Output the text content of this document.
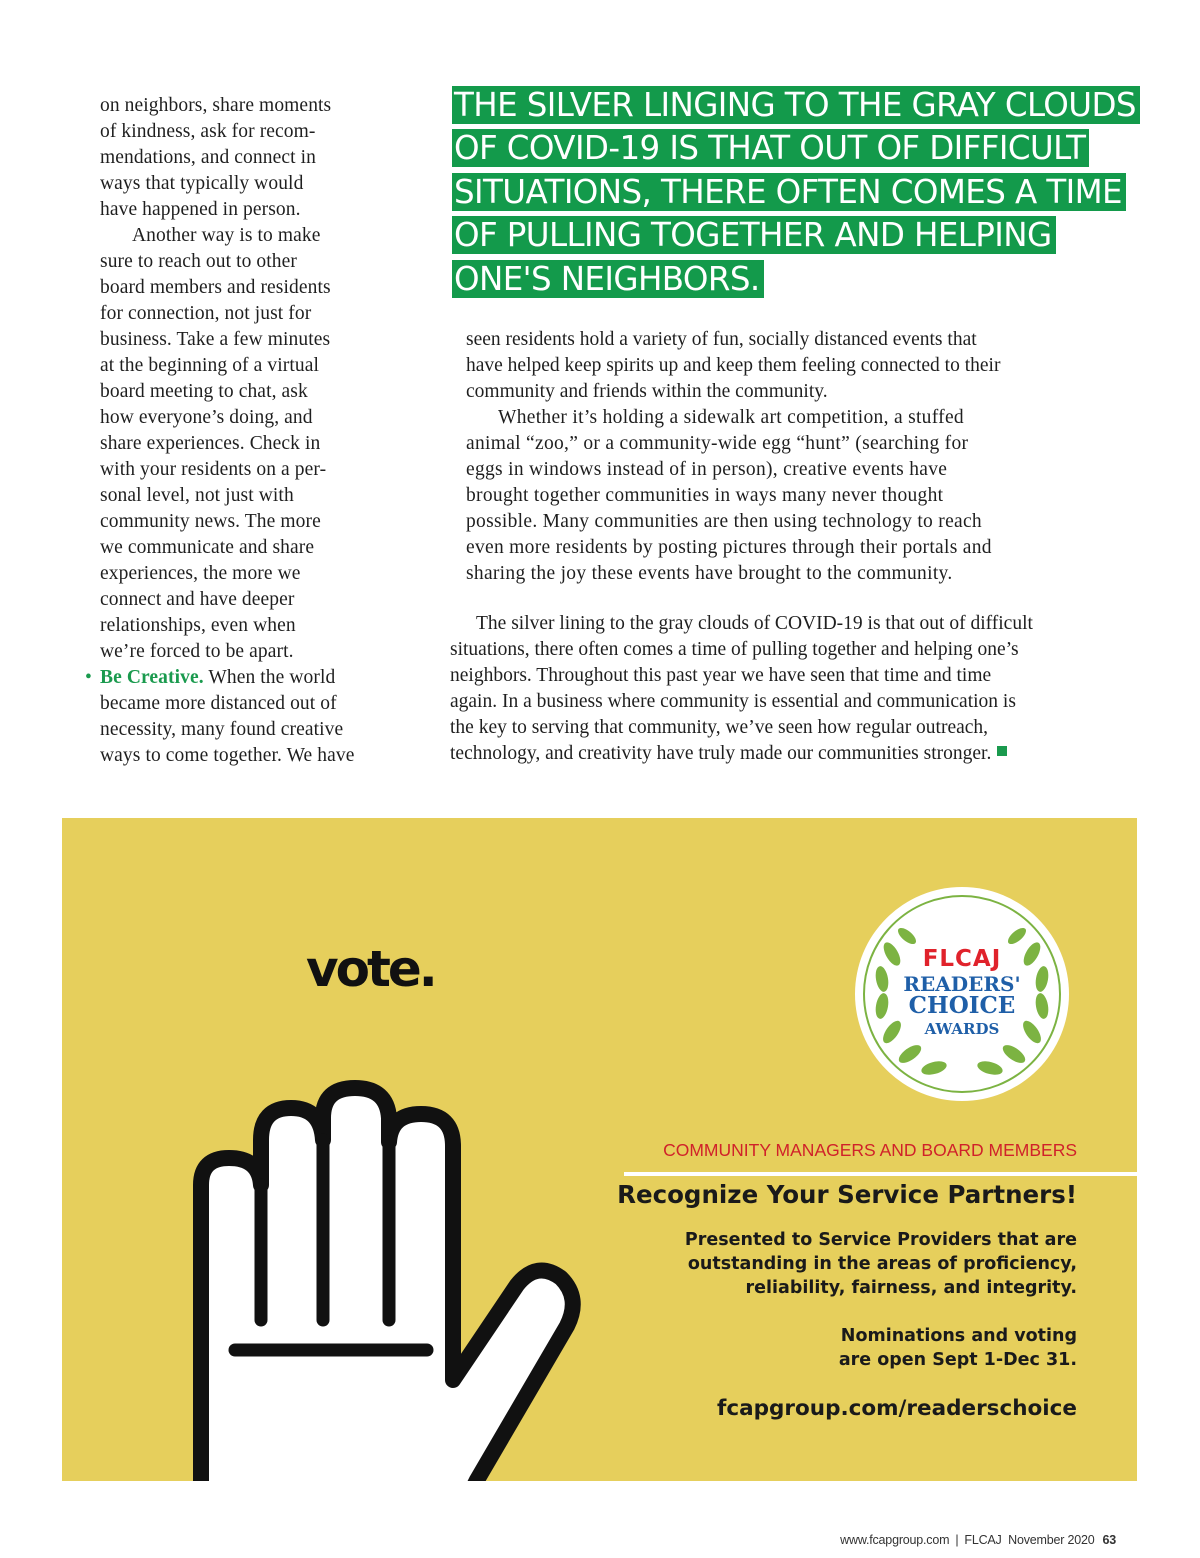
on neighbors, share moments
of kindness, ask for recom-
mendations, and connect in
ways that typically would
have happened in person.

Another way is to make
sure to reach out to other
board members and residents
for connection, not just for
business. Take a few minutes
at the beginning of a virtual
board meeting to chat, ask
how everyone’s doing, and
share experiences. Check in
with your residents on a per-
sonal level, not just with
community news. The more
we communicate and share
experiences, the more we
connect and have deeper
relationships, even when
we’re forced to be apart.

• Be Creative. When the world
became more distanced out of
necessity, many found creative
ways to come together. We have

THE SILVER LINGING TO THE GRAY CLOUDS
OF COVID-19 IS THAT OUT OF DIFFICULT
SITUATIONS, THERE OFTEN COMES A TIME
OF PULLING TOGETHER AND HELPING
ONE'S NEIGHBORS.

seen residents hold a variety of fun, socially distanced events that
have helped keep spirits up and keep them feeling connected to their
community and friends within the community.

Whether it’s holding a sidewalk art competition, a stuffed
animal “zoo,” or a community-wide egg “hunt” (searching for
eggs in windows instead of in person), creative events have
brought together communities in ways many never thought
possible. Many communities are then using technology to reach
even more residents by posting pictures through their portals and
sharing the joy these events have brought to the community.

The silver lining to the gray clouds of COVID-19 is that out of difficult
situations, there often comes a time of pulling together and helping one’s
neighbors. Throughout this past year we have seen that time and time
again. In a business where community is essential and communication is
the key to serving that community, we’ve seen how regular outreach,
technology, and creativity have truly made our communities stronger.

vote.	FLCAJ
READERS'
CHOICE
AWARDS
COMMUNITY MANAGERS AND BOARD MEMBERS
Recognize Your Service Partners!
Presented to Service Providers that are
outstanding in the areas of proficiency,
reliability, fairness, and integrity.
Nominations and voting
are open Sept 1-Dec 31.
fcapgroup.com/readerschoice
www.fcapgroup.com | FLCAJ November 2020 63
